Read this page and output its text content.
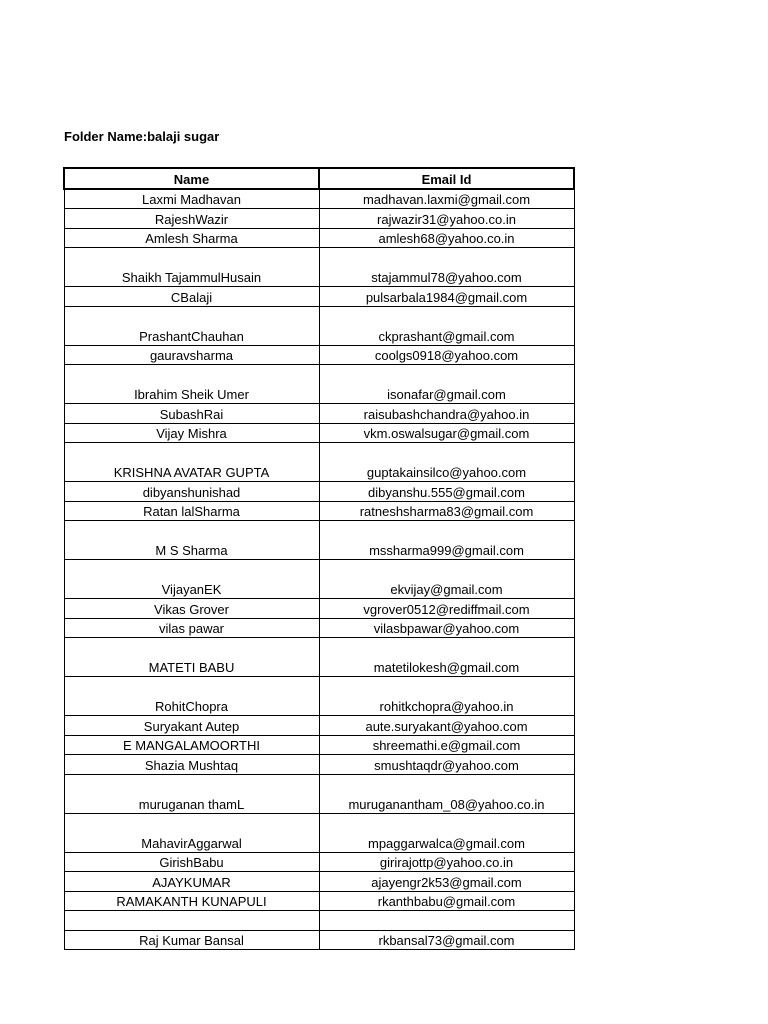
Folder Name:balaji sugar
Name	Email Id
Laxmi Madhavan	madhavan.laxmi@gmail.com
RajeshWazir	rajwazir31@yahoo.co.in
Amlesh Sharma	amlesh68@yahoo.co.in
Shaikh TajammulHusain	stajammul78@yahoo.com
CBalaji	pulsarbala1984@gmail.com
PrashantChauhan	ckprashant@gmail.com
gauravsharma	coolgs0918@yahoo.com
Ibrahim Sheik Umer	isonafar@gmail.com
SubashRai	raisubashchandra@yahoo.in
Vijay Mishra	vkm.oswalsugar@gmail.com
KRISHNA AVATAR GUPTA	guptakainsilco@yahoo.com
dibyanshunishad	dibyanshu.555@gmail.com
Ratan lalSharma	ratneshsharma83@gmail.com
M S Sharma	mssharma999@gmail.com
VijayanEK	ekvijay@gmail.com
Vikas Grover	vgrover0512@rediffmail.com
vilas pawar	vilasbpawar@yahoo.com
MATETI BABU	matetilokesh@gmail.com
RohitChopra	rohitkchopra@yahoo.in
Suryakant Autep	aute.suryakant@yahoo.com
E MANGALAMOORTHI	shreemathi.e@gmail.com
Shazia Mushtaq	smushtaqdr@yahoo.com
muruganan thamL	muruganantham_08@yahoo.co.in
MahavirAggarwal	mpaggarwalca@gmail.com
GirishBabu	girirajottp@yahoo.co.in
AJAYKUMAR	ajayengr2k53@gmail.com
RAMAKANTH KUNAPULI	rkanthbabu@gmail.com

Raj Kumar Bansal	rkbansal73@gmail.com
